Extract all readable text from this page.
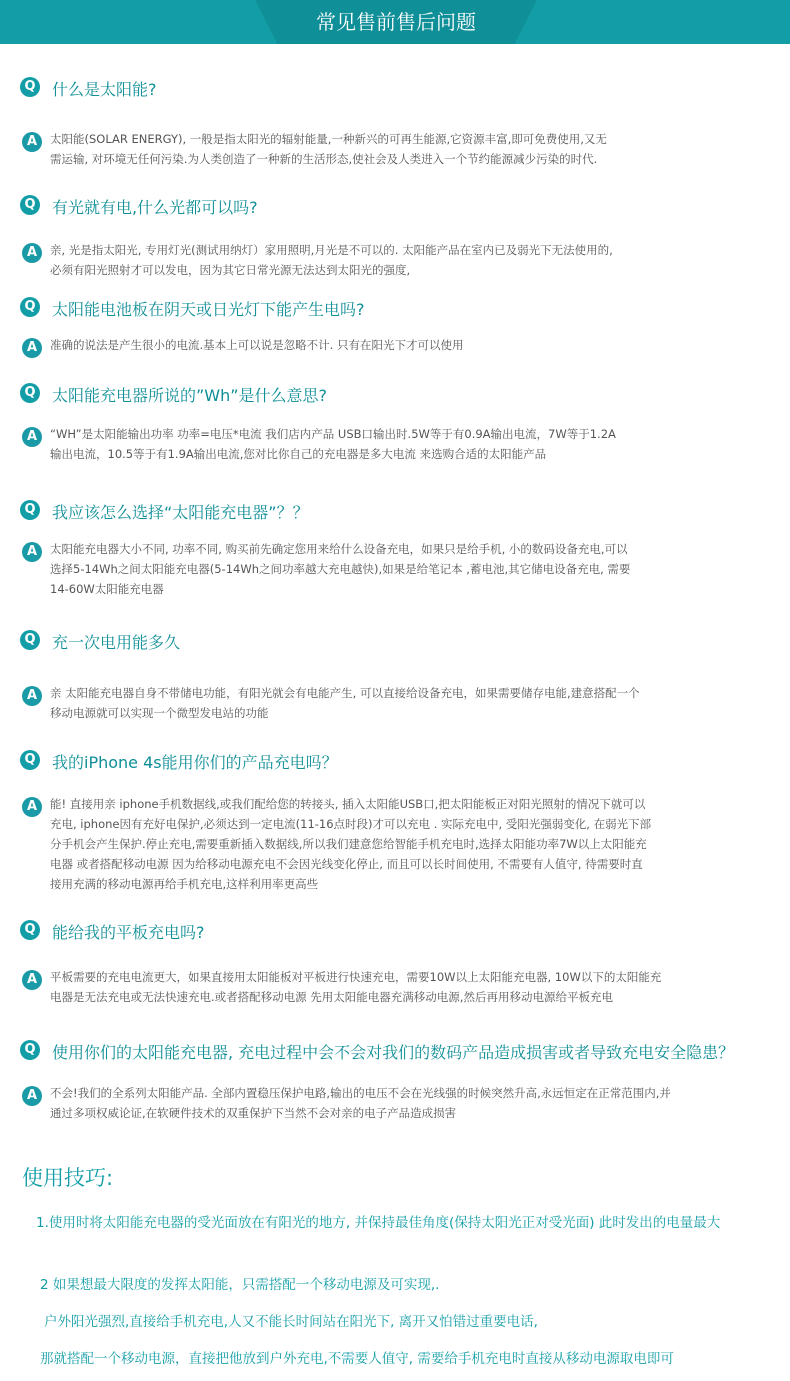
常见售前售后问题
Q 什么是太阳能?
A	太阳能(SOLAR ENERGY), 一般是指太阳光的辐射能量,一种新兴的可再生能源,它资源丰富,即可免费使用,又无
需运输, 对环境无任何污染.为人类创造了一种新的生活形态,使社会及人类进入一个节约能源减少污染的时代.
Q 有光就有电,什么光都可以吗?
A	亲, 光是指太阳光, 专用灯光(测试用纳灯）家用照明,月光是不可以的. 太阳能产品在室内已及弱光下无法使用的,
必须有阳光照射才可以发电，因为其它日常光源无法达到太阳光的强度,
Q 太阳能电池板在阴天或日光灯下能产生电吗?
A	准确的说法是产生很小的电流.基本上可以说是忽略不计. 只有在阳光下才可以使用
Q 太阳能充电器所说的”Wh”是什么意思?
A	“WH”是太阳能输出功率 功率=电压*电流 我们店内产品 USB口输出时.5W等于有0.9A输出电流，7W等于1.2A
输出电流，10.5等于有1.9A输出电流,您对比你自己的充电器是多大电流 来选购合适的太阳能产品
Q 我应该怎么选择“太阳能充电器”？？
A	太阳能充电器大小不同, 功率不同, 购买前先确定您用来给什么设备充电，如果只是给手机, 小的数码设备充电,可以
选择5-14Wh之间太阳能充电器(5-14Wh之间功率越大充电越快),如果是给笔记本 ,蓄电池,其它储电设备充电, 需要
14-60W太阳能充电器
Q 充一次电用能多久
A	亲 太阳能充电器自身不带储电功能，有阳光就会有电能产生, 可以直接给设备充电，如果需要储存电能,建意搭配一个
移动电源就可以实现一个微型发电站的功能
Q 我的iPhone 4s能用你们的产品充电吗？
A	能! 直接用亲 iphone手机数据线,或我们配给您的转接头, 插入太阳能USB口,把太阳能板正对阳光照射的情况下就可以
充电, iphone因有充好电保护,必须达到一定电流(11-16点时段)才可以充电 . 实际充电中, 受阳光强弱变化, 在弱光下部
分手机会产生保护.停止充电,需要重新插入数据线,所以我们建意您给智能手机充电时,选择太阳能功率7W以上太阳能充
电器 或者搭配移动电源 因为给移动电源充电不会因光线变化停止, 而且可以长时间使用, 不需要有人值守, 待需要时直
接用充满的移动电源再给手机充电,这样利用率更高些
Q 能给我的平板充电吗?
A	平板需要的充电电流更大，如果直接用太阳能板对平板进行快速充电，需要10W以上太阳能充电器, 10W以下的太阳能充
电器是无法充电或无法快速充电.或者搭配移动电源 先用太阳能电器充满移动电源,然后再用移动电源给平板充电
Q 使用你们的太阳能充电器, 充电过程中会不会对我们的数码产品造成损害或者导致充电安全隐患？
A	不会!我们的全系列太阳能产品. 全部内置稳压保护电路,输出的电压不会在光线强的时候突然升高,永远恒定在正常范围内,并
通过多项权威论证,在软硬件技术的双重保护下当然不会对亲的电子产品造成损害
使用技巧:
1.使用时将太阳能充电器的受光面放在有阳光的地方, 并保持最佳角度(保持太阳光正对受光面) 此时发出的电量最大
2 如果想最大限度的发挥太阳能，只需搭配一个移动电源及可实现,.
户外阳光强烈,直接给手机充电,人又不能长时间站在阳光下, 离开又怕错过重要电话,
那就搭配一个移动电源，直接把他放到户外充电,不需要人值守, 需要给手机充电时直接从移动电源取电即可
